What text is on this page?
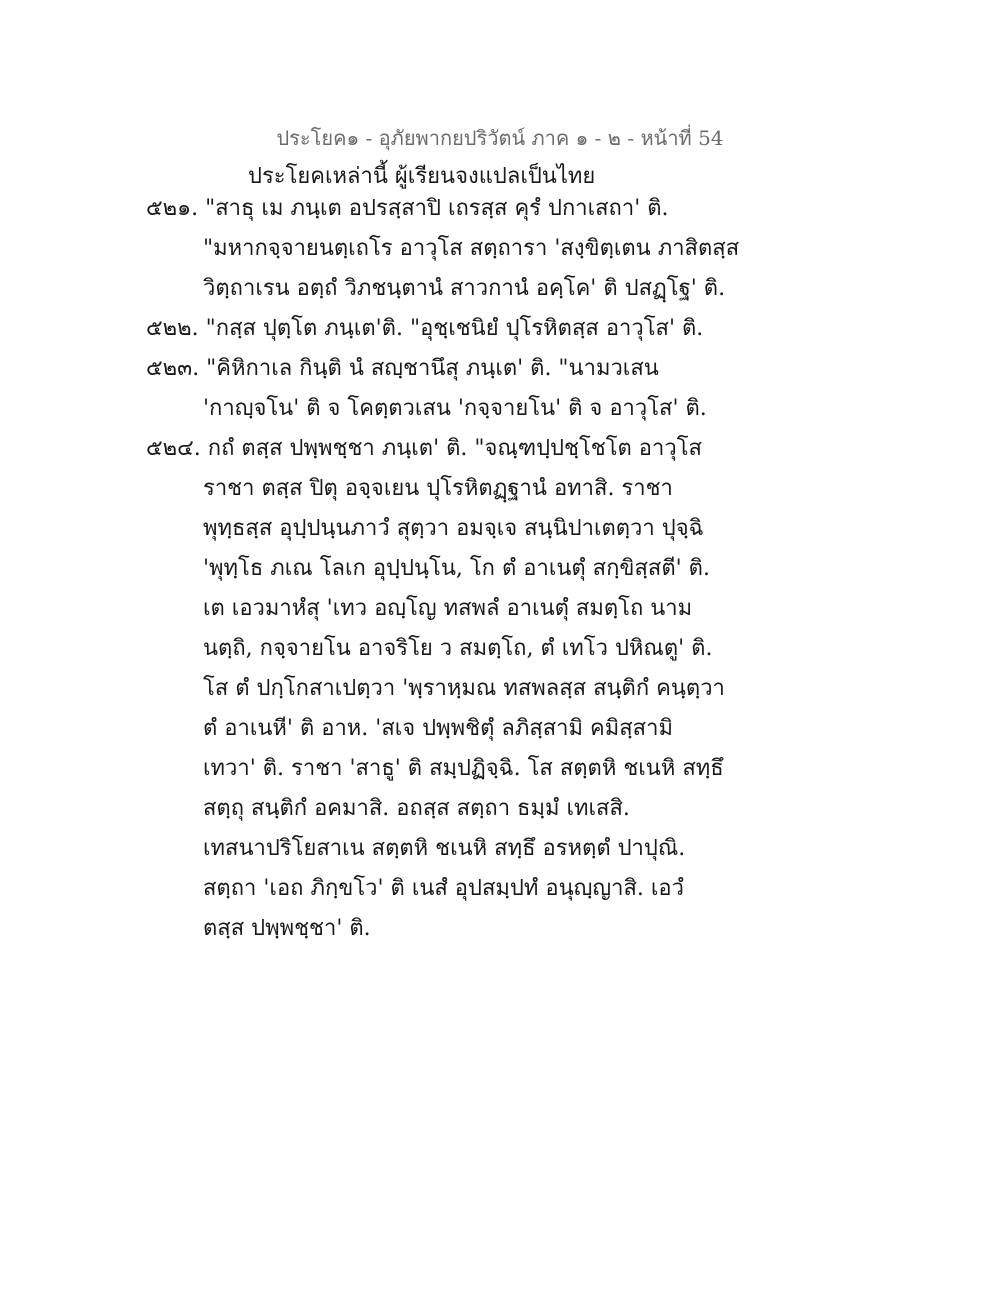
ประโยค๑ - อุภัยพากยปริวัตน์ ภาค ๑ - ๒ - หน้าที่ 54
ประโยคเหล่านี้ ผู้เรียนจงแปลเป็นไทย
๕๒๑. "สาธุ เม ภนฺเต อปรสฺสาปิ เถรสฺส คุรํ ปกาเสถา' ติ.
"มหากจฺจายนตฺเถโร อาวุโส สตฺถารา 'สงฺขิตฺเตน ภาสิตสฺส
วิตฺถาเรน อตฺถํ วิภชนฺตานํ สาวกานํ อคฺโค' ติ ปสฏฺโฐ' ติ.
๕๒๒. "กสฺส ปุตฺโต ภนฺเต'ติ. "อุชฺเชนิยํ ปุโรหิตสฺส อาวุโส' ติ.
๕๒๓. "คิหิกาเล กินฺติ นํ สญฺชานึสุ ภนฺเต' ติ. "นามวเสน
'กาญฺจโน' ติ จ โคตฺตวเสน 'กจฺจายโน' ติ จ อาวุโส' ติ.
๕๒๔. กถํ ตสฺส ปพฺพชฺชา ภนฺเต' ติ. "จณฺฑปฺปชฺโชโต อาวุโส
ราชา ตสฺส ปิตุ อจฺจเยน ปุโรหิตฏฺฐานํ อทาสิ. ราชา
พุทฺธสฺส อุปฺปนฺนภาวํ สุตฺวา อมจฺเจ สนฺนิปาเตตฺวา ปุจฺฉิ
'พุทฺโธ ภเณ โลเก อุปฺปนฺโน, โก ตํ อาเนตุํ สกฺขิสฺสตี' ติ.
เต เอวมาหํสุ 'เทว อญฺโญ ทสพลํ อาเนตุํ สมตฺโถ นาม
นตฺถิ, กจฺจายโน อาจริโย ว สมตฺโถ, ตํ เทโว ปหิณตู' ติ.
โส ตํ ปกฺโกสาเปตฺวา 'พฺราหฺมณ ทสพลสฺส สนฺติกํ คนฺตฺวา
ตํ อาเนหี' ติ อาห. 'สเจ ปพฺพชิตุํ ลภิสฺสามิ คมิสฺสามิ
เทวา' ติ. ราชา 'สาธู' ติ สมฺปฏิจฺฉิ. โส สตฺตหิ ชเนหิ สทฺธึ
สตฺถุ สนฺติกํ อคมาสิ. อถสฺส สตฺถา ธมฺมํ เทเสสิ.
เทสนาปริโยสาเน สตฺตหิ ชเนหิ สทฺธึ อรหตฺตํ ปาปุณิ.
สตฺถา 'เอถ ภิกฺขโว' ติ เนสํ อุปสมฺปทํ อนุญฺญาสิ. เอวํ
ตสฺส ปพฺพชฺชา' ติ.
